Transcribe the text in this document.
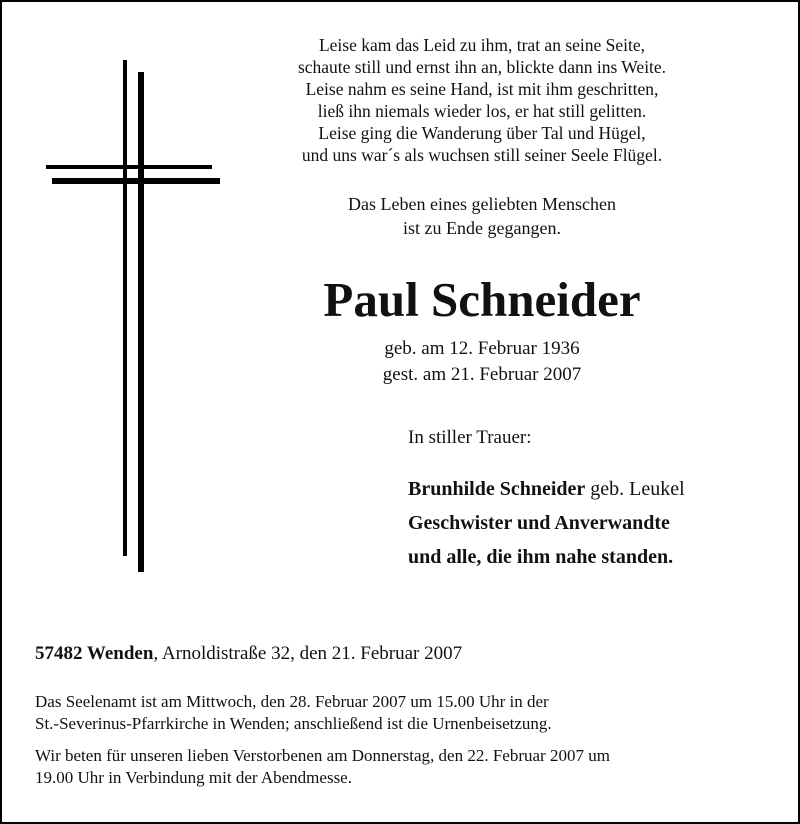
Leise kam das Leid zu ihm, trat an seine Seite,
schaute still und ernst ihn an, blickte dann ins Weite.
Leise nahm es seine Hand, ist mit ihm geschritten,
ließ ihn niemals wieder los, er hat still gelitten.
Leise ging die Wanderung über Tal und Hügel,
und uns war´s als wuchsen still seiner Seele Flügel.
Das Leben eines geliebten Menschen
ist zu Ende gegangen.
Paul Schneider
geb. am 12. Februar 1936
gest. am 21. Februar 2007
In stiller Trauer:
Brunhilde Schneider geb. Leukel
Geschwister und Anverwandte
und alle, die ihm nahe standen.
57482 Wenden, Arnoldistraße 32, den 21. Februar 2007
Das Seelenamt ist am Mittwoch, den 28. Februar 2007 um 15.00 Uhr in der
St.-Severinus-Pfarrkirche in Wenden; anschließend ist die Urnenbeisetzung.
Wir beten für unseren lieben Verstorbenen am Donnerstag, den 22. Februar 2007 um
19.00 Uhr in Verbindung mit der Abendmesse.
